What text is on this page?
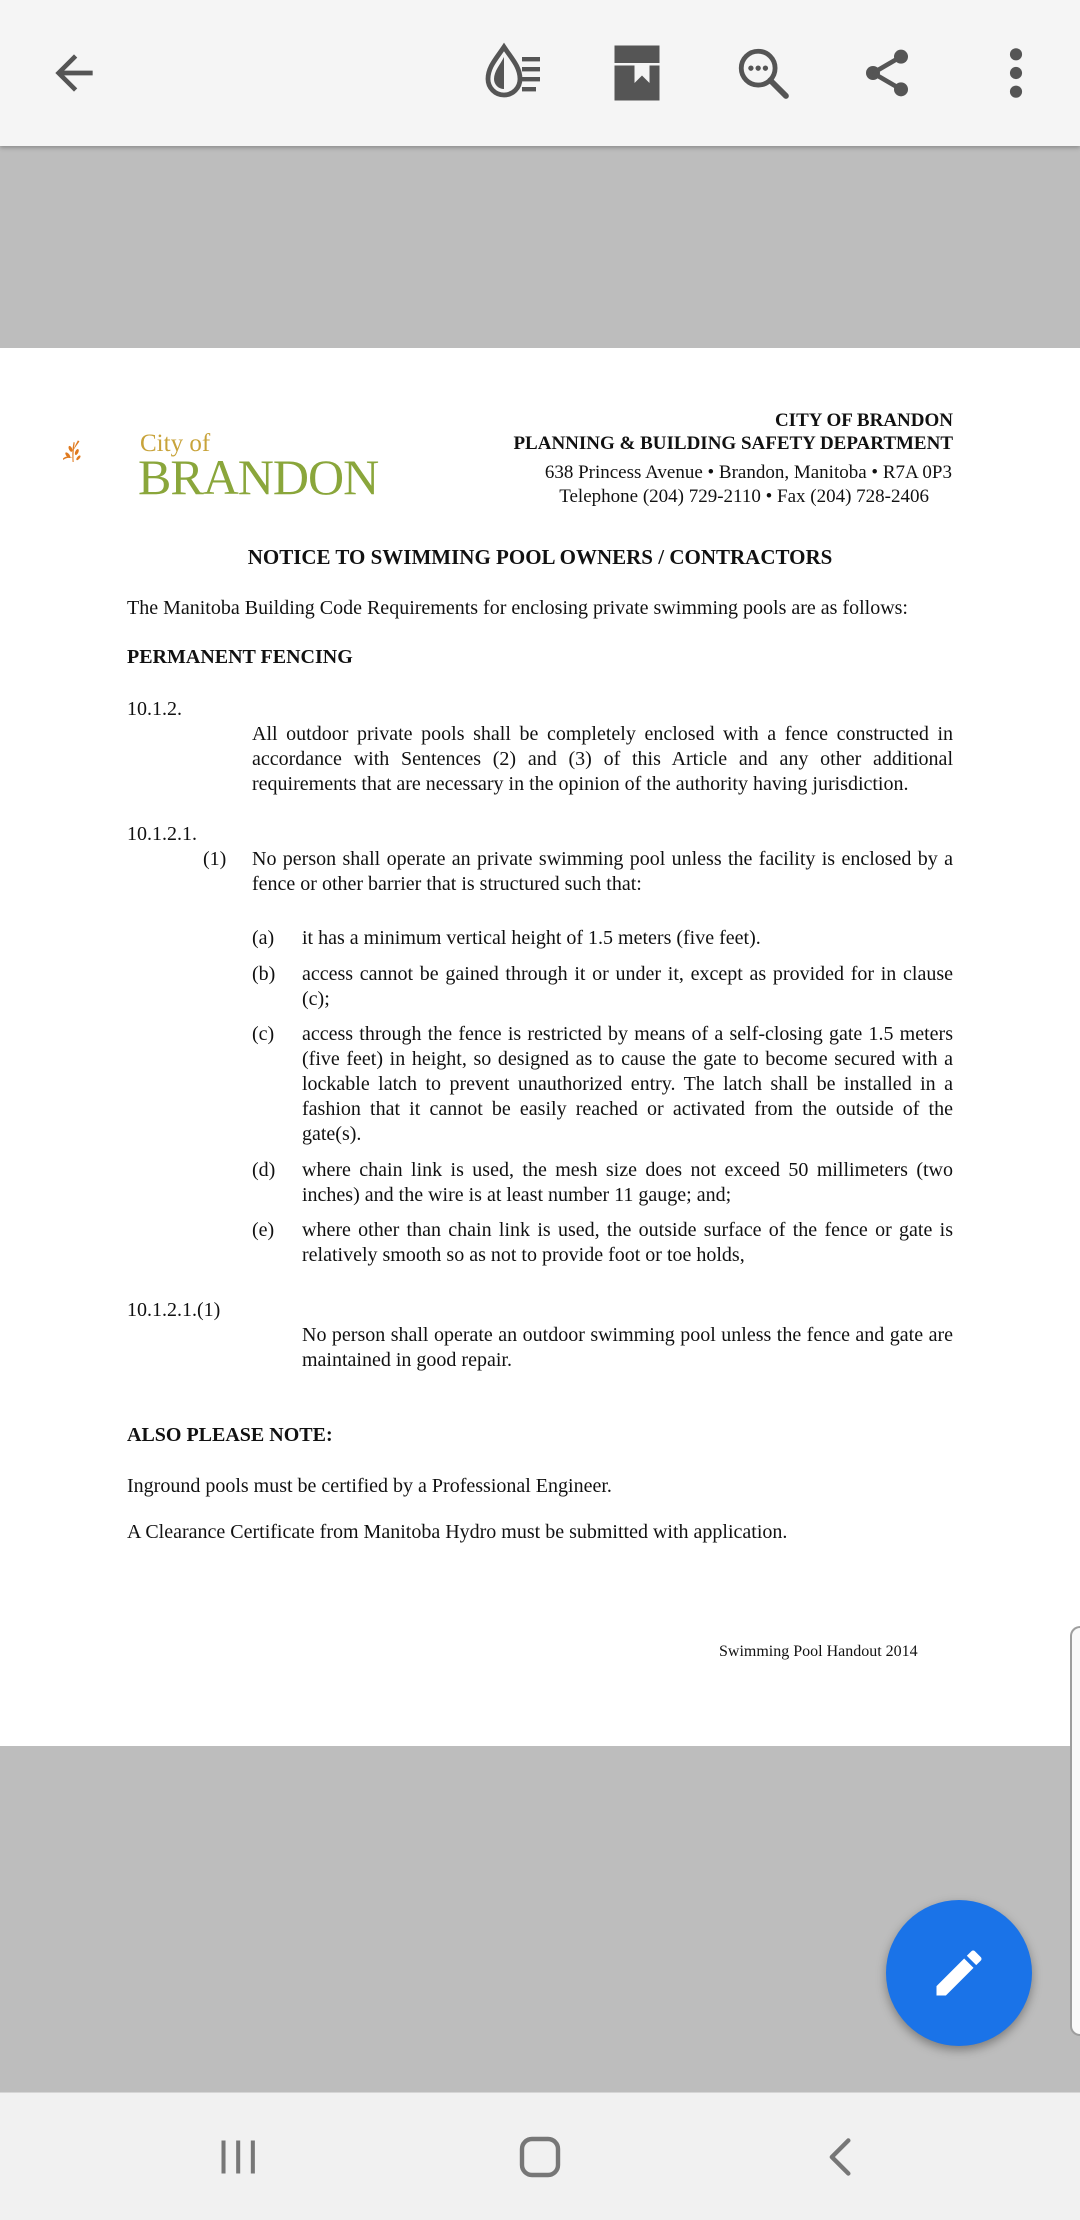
City of
BRANDON
CITY OF BRANDON
PLANNING & BUILDING SAFETY DEPARTMENT
638 Princess Avenue • Brandon, Manitoba • R7A 0P3
Telephone (204) 729-2110 • Fax (204) 728-2406
NOTICE TO SWIMMING POOL OWNERS / CONTRACTORS
The Manitoba Building Code Requirements for enclosing private swimming pools are as follows:
PERMANENT FENCING
10.1.2.
All outdoor private pools shall be completely enclosed with a fence constructed in accordance with Sentences (2) and (3) of this Article and any other additional requirements that are necessary in the opinion of the authority having jurisdiction.
10.1.2.1.
(1) No person shall operate an private swimming pool unless the facility is enclosed by a fence or other barrier that is structured such that:
(a) it has a minimum vertical height of 1.5 meters (five feet).
(b) access cannot be gained through it or under it, except as provided for in clause (c);
(c) access through the fence is restricted by means of a self-closing gate 1.5 meters (five feet) in height, so designed as to cause the gate to become secured with a lockable latch to prevent unauthorized entry. The latch shall be installed in a fashion that it cannot be easily reached or activated from the outside of the gate(s).
(d) where chain link is used, the mesh size does not exceed 50 millimeters (two inches) and the wire is at least number 11 gauge; and;
(e) where other than chain link is used, the outside surface of the fence or gate is relatively smooth so as not to provide foot or toe holds,
10.1.2.1.(1)
No person shall operate an outdoor swimming pool unless the fence and gate are maintained in good repair.
ALSO PLEASE NOTE:
Inground pools must be certified by a Professional Engineer.
A Clearance Certificate from Manitoba Hydro must be submitted with application.
Swimming Pool Handout 2014
